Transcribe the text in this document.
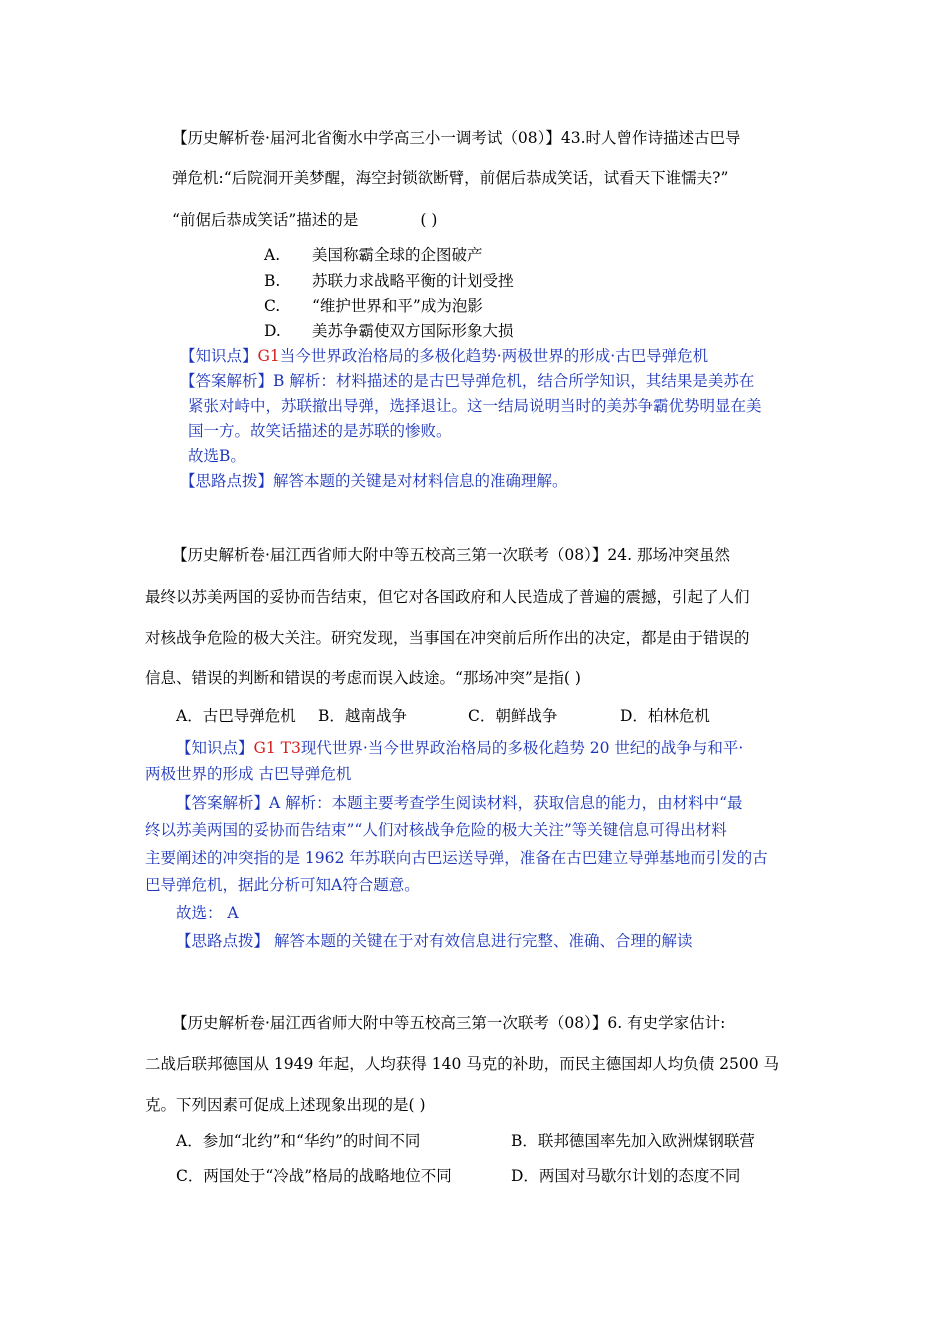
【历史解析卷·届河北省衡水中学高三小一调考试（08）】43.时人曾作诗描述古巴导
弹危机:“后院洞开美梦醒，海空封锁欲断臂，前倨后恭成笑话，试看天下谁懦夫?”
“前倨后恭成笑话”描述的是	( )
A. 美国称霸全球的企图破产
B. 苏联力求战略平衡的计划受挫
C. “维护世界和平”成为泡影
D. 美苏争霸使双方国际形象大损
【知识点】G1当今世界政治格局的多极化趋势·两极世界的形成·古巴导弹危机
【答案解析】B 解析：材料描述的是古巴导弹危机，结合所学知识，其结果是美苏在
紧张对峙中，苏联撤出导弹，选择退让。这一结局说明当时的美苏争霸优势明显在美
国一方。故笑话描述的是苏联的惨败。
故选B。
【思路点拨】解答本题的关键是对材料信息的准确理解。
【历史解析卷·届江西省师大附中等五校高三第一次联考（08）】24. 那场冲突虽然
最终以苏美两国的妥协而告结束，但它对各国政府和人民造成了普遍的震撼，引起了人们
对核战争危险的极大关注。研究发现，当事国在冲突前后所作出的决定，都是由于错误的
信息、错误的判断和错误的考虑而误入歧途。“那场冲突”是指( )
A．古巴导弹危机 B．越南战争	C．朝鲜战争	D．柏林危机
【知识点】G1 T3现代世界·当今世界政治格局的多极化趋势 20 世纪的战争与和平·
两极世界的形成 古巴导弹危机
【答案解析】A 解析：本题主要考查学生阅读材料，获取信息的能力，由材料中“最
终以苏美两国的妥协而告结束”“人们对核战争危险的极大关注”等关键信息可得出材料
主要阐述的冲突指的是 1962 年苏联向古巴运送导弹，准备在古巴建立导弹基地而引发的古
巴导弹危机，据此分析可知A符合题意。
故选： A
【思路点拨】 解答本题的关键在于对有效信息进行完整、准确、合理的解读
【历史解析卷·届江西省师大附中等五校高三第一次联考（08）】6. 有史学家估计:
二战后联邦德国从 1949 年起，人均获得 140 马克的补助，而民主德国却人均负债 2500 马
克。下列因素可促成上述现象出现的是( )
A．参加“北约”和“华约”的时间不同	B．联邦德国率先加入欧洲煤钢联营
C．两国处于“冷战”格局的战略地位不同	D．两国对马歇尔计划的态度不同
